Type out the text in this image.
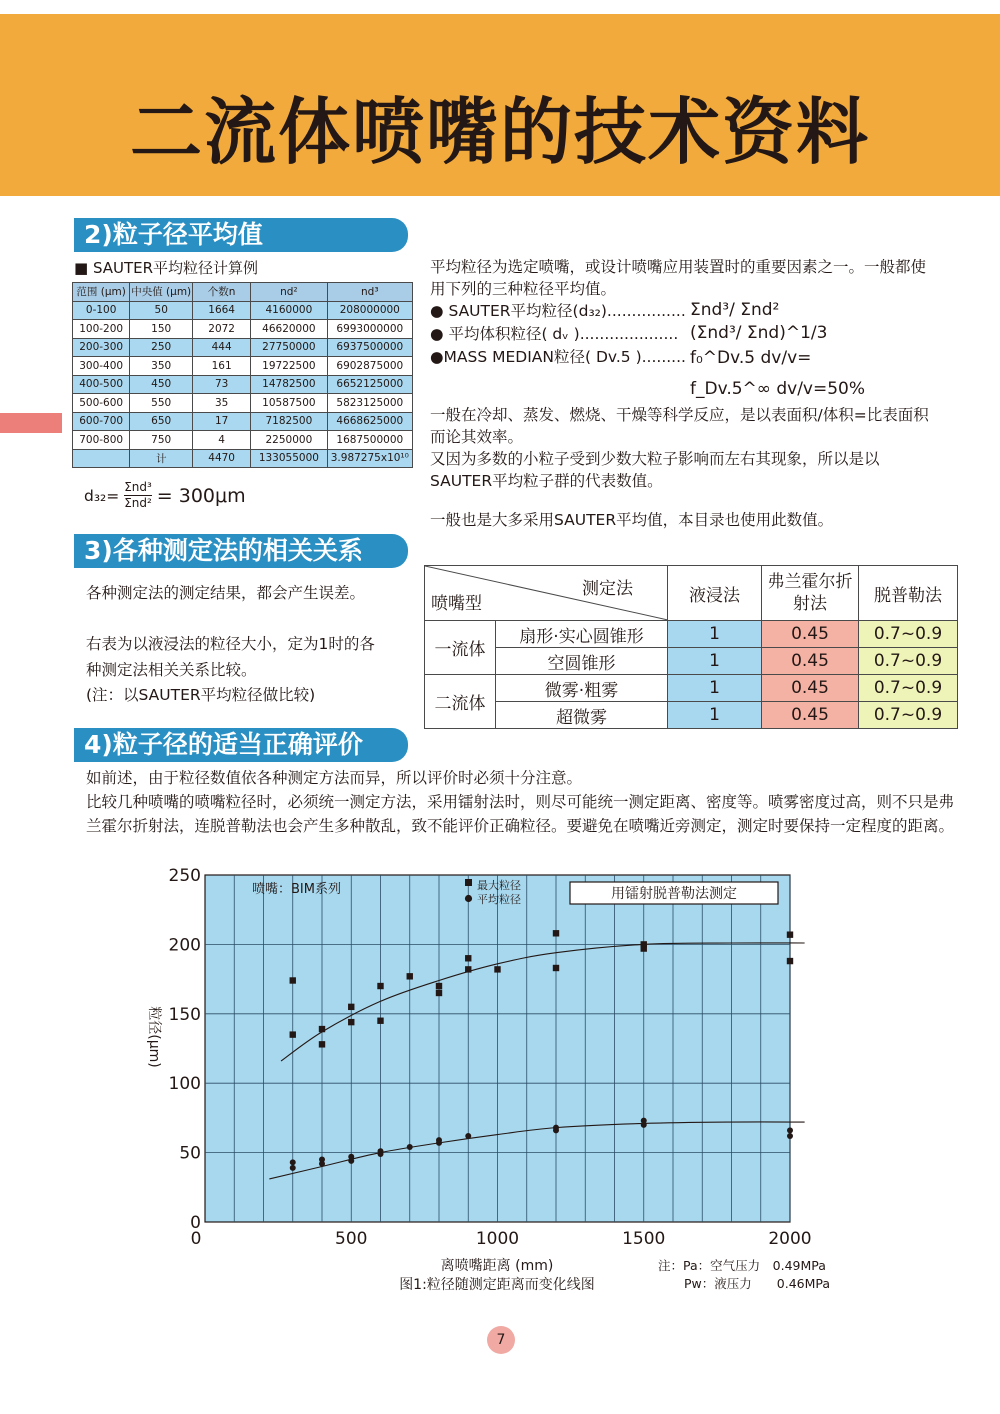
二流体喷嘴的技术资料
2)粒子径平均值
■ SAUTER平均粒径计算例
范围 (μm)	中央值 (μm)	个数n	nd²	nd³
0-100	50	1664	4160000	208000000
100-200	150	2072	46620000	6993000000
200-300	250	444	27750000	6937500000
300-400	350	161	19722500	6902875000
400-500	450	73	14782500	6652125000
500-600	550	35	10587500	5823125000
600-700	650	17	7182500	4668625000
700-800	750	4	2250000	1687500000
	计	4470	133055000	3.987275x10¹⁰
d₃₂= Σnd³
Σnd² = 300μm
平均粒径为选定喷嘴，或设计喷嘴应用装置时的重要因素之一。一般都使用下列的三种粒径平均值。
● SAUTER平均粒径(d₃₂)................ Σnd³/ Σnd²
● 平均体积粒径( dᵥ ).................... (Σnd³/ Σnd)^1/3
●MASS MEDIAN粒径( Dv.5 )......... f₀^Dv.5 dv/v=
f_Dv.5^∞ dv/v=50%
一般在冷却、蒸发、燃烧、干燥等科学反应，是以表面积/体积=比表面积而论其效率。
又因为多数的小粒子受到少数大粒子影响而左右其现象，所以是以SAUTER平均粒子群的代表数值。
一般也是大多采用SAUTER平均值，本目录也使用此数值。
3)各种测定法的相关关系
各种测定法的测定结果，都会产生误差。
右表为以液浸法的粒径大小，定为1时的各种测定法相关关系比较。
(注：以SAUTER平均粒径做比较)
测定法
喷嘴型		液浸法	弗兰霍尔折射法	脱普勒法
一流体	扇形·实心圆锥形	1	0.45	0.7~0.9
	空圆锥形	1	0.45	0.7~0.9
二流体	微雾·粗雾	1	0.45	0.7~0.9
	超微雾	1	0.45	0.7~0.9
4)粒子径的适当正确评价
如前述，由于粒径数值依各种测定方法而异，所以评价时必须十分注意。
比较几种喷嘴的喷嘴粒径时，必须统一测定方法，采用镭射法时，则尽可能统一测定距离、密度等。喷雾密度过高，则不只是弗兰霍尔折射法，连脱普勒法也会产生多种散乱，致不能评价正确粒径。要避免在喷嘴近旁测定，测定时要保持一定程度的距离。
0
50
100
150
200
250
0	500	1000	1500	2000
喷嘴：BIM系列	最大粒径
平均粒径	用镭射脱普勒法测定
粒径(μm)
离喷嘴距离 (mm)
图1:粒径随测定距离而变化线图
注：Pa：空气压力　0.49MPa
Pw：液压力　　0.46MPa
7
